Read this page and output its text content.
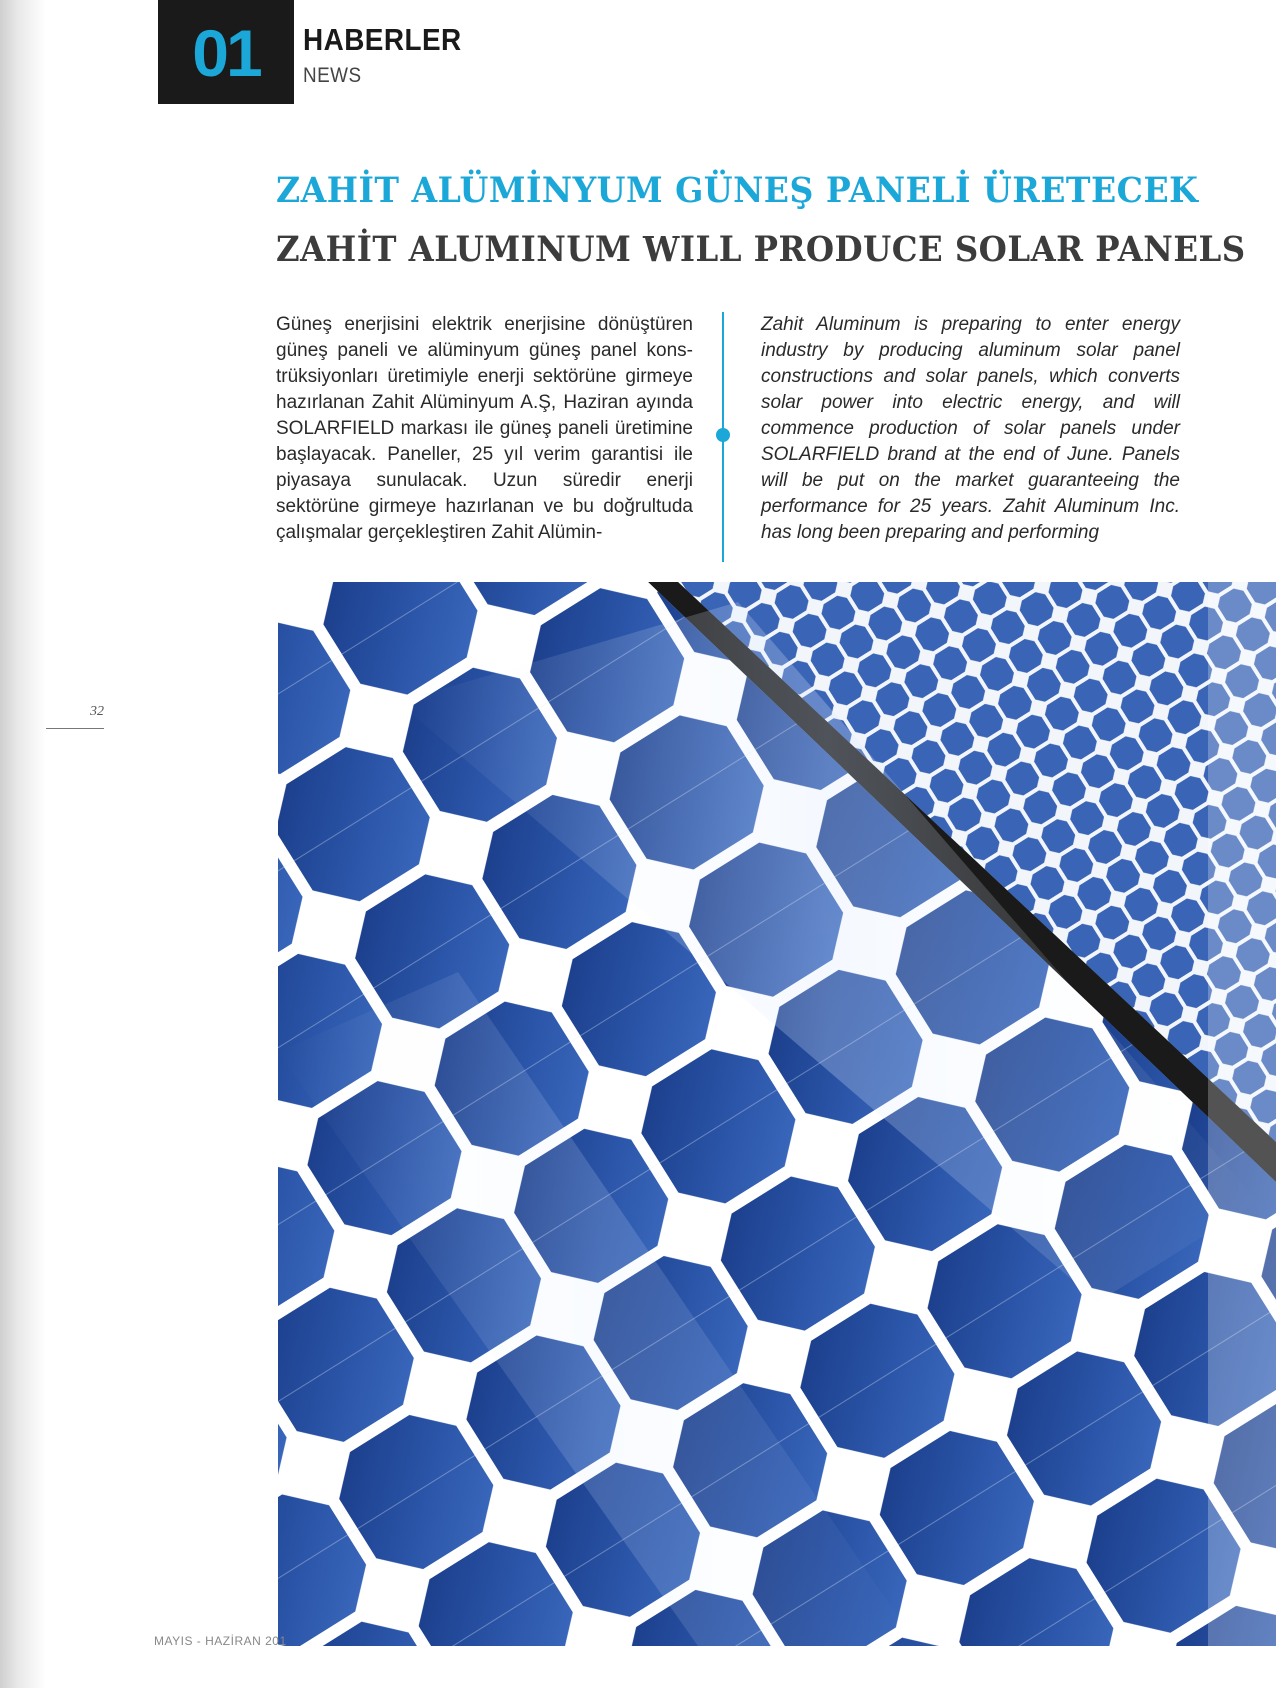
01	HABERLER
NEWS
ZAHİT ALÜMİNYUM GÜNEŞ PANELİ ÜRETECEK
ZAHİT ALUMINUM WILL PRODUCE SOLAR PANELS
Güneş enerjisini elektrik enerjisine dönüştüren güneş paneli ve alüminyum güneş panel konstrüksiyonları üretimiyle enerji sektörüne girmeye hazırlanan Zahit Alüminyum A.Ş, Haziran ayında SOLARFIELD markası ile güneş paneli üretimine başlayacak. Paneller, 25 yıl verim garantisi ile piyasaya sunulacak. Uzun süredir enerji sektörüne girmeye hazırlanan ve bu doğrultuda çalışmalar gerçekleştiren Zahit Alümin-
Zahit Aluminum is preparing to enter energy industry by producing aluminum solar panel constructions and solar panels, which converts solar power into electric energy, and will commence production of solar panels under SOLARFIELD brand at the end of June. Panels will be put on the market guaranteeing the performance for 25 years. Zahit Aluminum Inc. has long been preparing and performing
32
MAYIS - HAZİRAN 201
